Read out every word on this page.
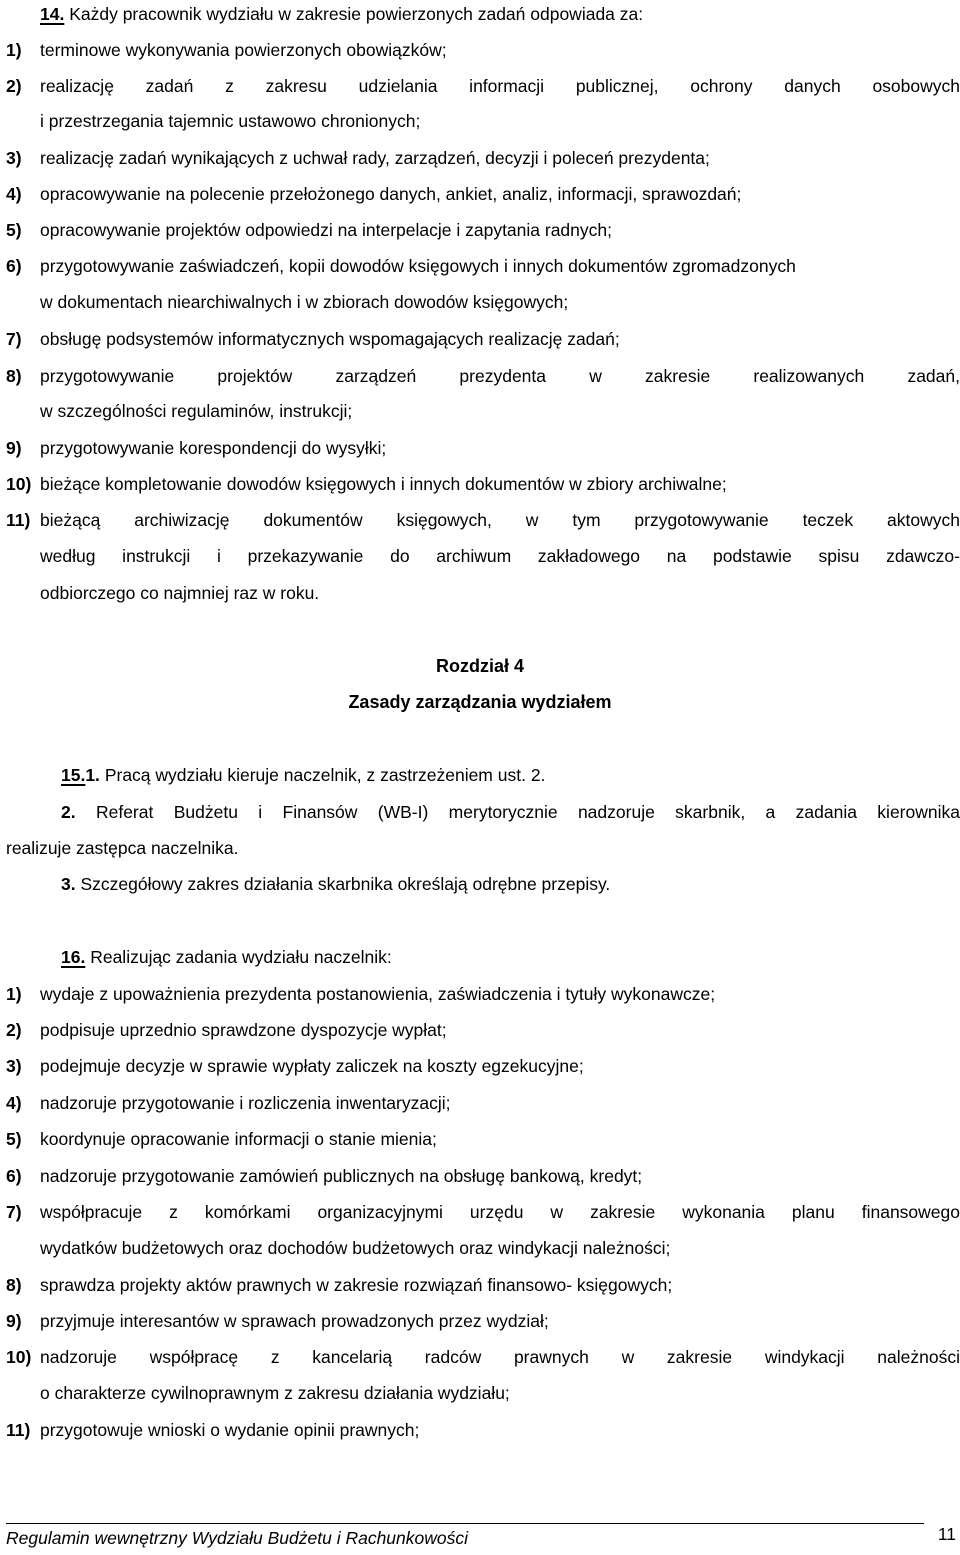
14. Każdy pracownik wydziału w zakresie powierzonych zadań odpowiada za:
1) terminowe wykonywania powierzonych obowiązków;
2) realizację zadań z zakresu udzielania informacji publicznej, ochrony danych osobowych
i przestrzegania tajemnic ustawowo chronionych;
3) realizację zadań wynikających z uchwał rady, zarządzeń, decyzji i poleceń prezydenta;
4) opracowywanie na polecenie przełożonego danych, ankiet, analiz, informacji, sprawozdań;
5) opracowywanie projektów odpowiedzi na interpelacje i zapytania radnych;
6) przygotowywanie zaświadczeń, kopii dowodów księgowych i innych dokumentów zgromadzonych
w dokumentach niearchiwalnych i w zbiorach dowodów księgowych;
7) obsługę podsystemów informatycznych wspomagających realizację zadań;
8) przygotowywanie projektów zarządzeń prezydenta w zakresie realizowanych zadań,
w szczególności regulaminów, instrukcji;
9) przygotowywanie korespondencji do wysyłki;
10) bieżące kompletowanie dowodów księgowych i innych dokumentów w zbiory archiwalne;
11) bieżącą archiwizację dokumentów księgowych, w tym przygotowywanie teczek aktowych
według instrukcji i przekazywanie do archiwum zakładowego na podstawie spisu zdawczo-
odbiorczego co najmniej raz w roku.
Rozdział 4
Zasady zarządzania wydziałem
15.1. Pracą wydziału kieruje naczelnik, z zastrzeżeniem ust. 2.
2. Referat Budżetu i Finansów (WB-I) merytorycznie nadzoruje skarbnik, a zadania kierownika
realizuje zastępca naczelnika.
3. Szczegółowy zakres działania skarbnika określają odrębne przepisy.
16. Realizując zadania wydziału naczelnik:
1) wydaje z upoważnienia prezydenta postanowienia, zaświadczenia i tytuły wykonawcze;
2) podpisuje uprzednio sprawdzone dyspozycje wypłat;
3) podejmuje decyzje w sprawie wypłaty zaliczek na koszty egzekucyjne;
4) nadzoruje przygotowanie i rozliczenia inwentaryzacji;
5) koordynuje opracowanie informacji o stanie mienia;
6) nadzoruje przygotowanie zamówień publicznych na obsługę bankową, kredyt;
7) współpracuje z komórkami organizacyjnymi urzędu w zakresie wykonania planu finansowego
wydatków budżetowych oraz dochodów budżetowych oraz windykacji należności;
8) sprawdza projekty aktów prawnych w zakresie rozwiązań finansowo- księgowych;
9) przyjmuje interesantów w sprawach prowadzonych przez wydział;
10) nadzoruje współpracę z kancelarią radców prawnych w zakresie windykacji należności
o charakterze cywilnoprawnym z zakresu działania wydziału;
11) przygotowuje wnioski o wydanie opinii prawnych;
Regulamin wewnętrzny Wydziału Budżetu i Rachunkowości	11
